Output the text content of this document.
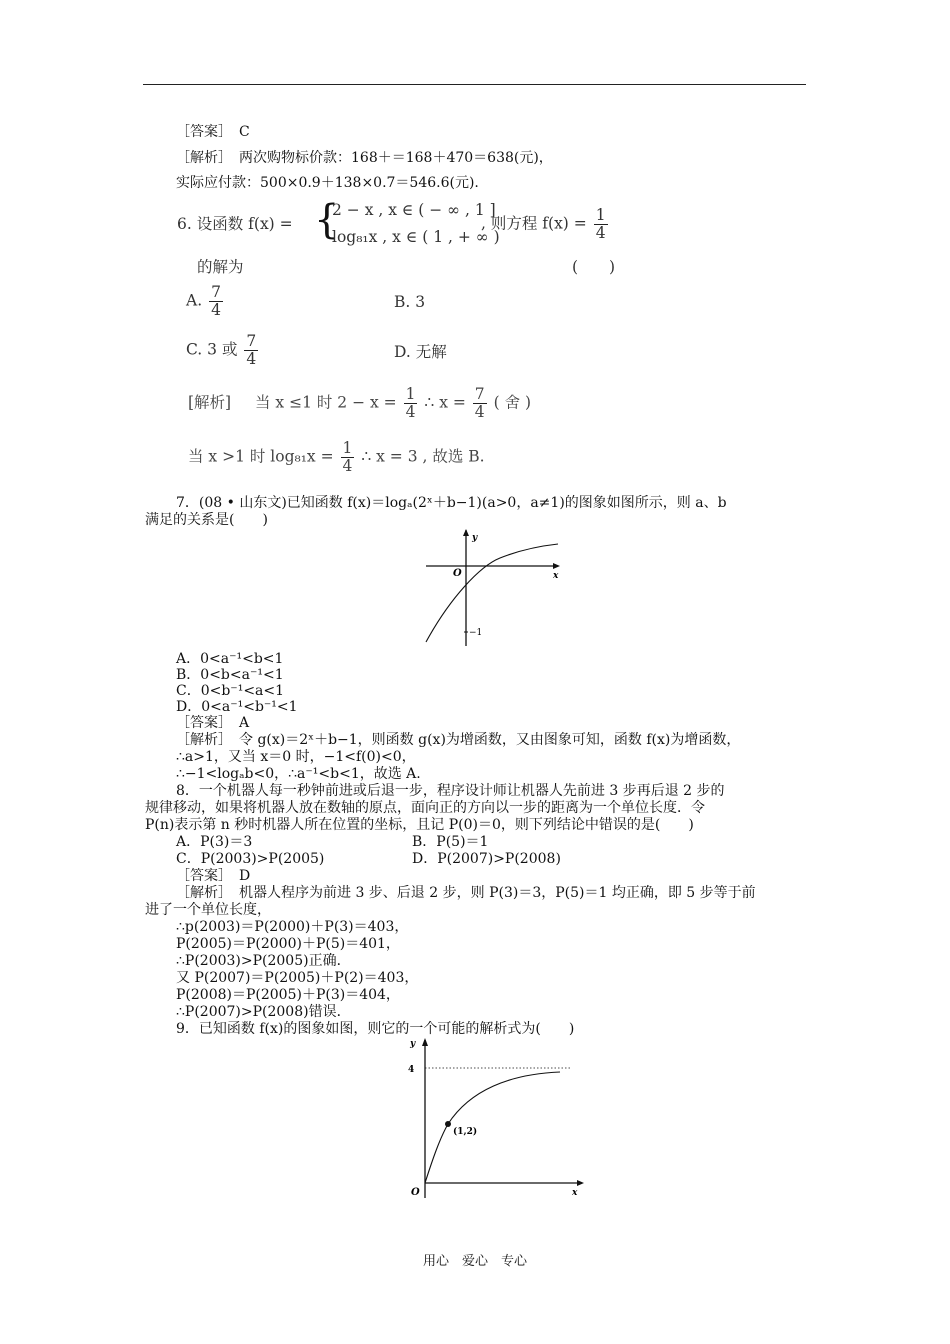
［答案］　C
［解析］　两次购物标价款：168＋＝168＋470＝638(元)，
实际应付款：500×0.9＋138×0.7＝546.6(元).
6. 设函数 f(x) = {
2 − x , x ∈ ( − ∞ , 1 ]
log₈₁x , x ∈ ( 1 , + ∞ )
, 则方程 $f(x) = \frac{1}{4}$
的解为	(　　)
A. $\frac{7}{4}$	B. 3
C. 3 或 $\frac{7}{4}$	D. 无解
[解析] 当 x ≤1 时 $2 - x = \frac{1}{4}$ ∴ $x = \frac{7}{4}$ ( 舍 )
当 x >1 时 $\log_{81}x = \frac{1}{4}$ ∴ x = 3 , 故选 B.
7．(08 • 山东文)已知函数 f(x)＝logₐ(2ˣ＋b−1)(a>0，a≠1)的图象如图所示，则 a、b
满足的关系是(　　)
y
x
O
−1
A．0<a⁻¹<b<1
B．0<b<a⁻¹<1
C．0<b⁻¹<a<1
D．0<a⁻¹<b⁻¹<1
［答案］　A
［解析］　令 g(x)＝2ˣ＋b−1，则函数 g(x)为增函数，又由图象可知，函数 f(x)为增函数，
∴a>1，又当 x＝0 时，−1<f(0)<0，
∴−1<logₐb<0，∴a⁻¹<b<1，故选 A.
8．一个机器人每一秒钟前进或后退一步，程序设计师让机器人先前进 3 步再后退 2 步的
规律移动，如果将机器人放在数轴的原点，面向正的方向以一步的距离为一个单位长度．令
P(n)表示第 n 秒时机器人所在位置的坐标，且记 P(0)＝0，则下列结论中错误的是(　　)
A．P(3)＝3	B．P(5)＝1
C．P(2003)>P(2005)	D．P(2007)>P(2008)
［答案］　D
［解析］　机器人程序为前进 3 步、后退 2 步，则 P(3)＝3，P(5)＝1 均正确，即 5 步等于前
进了一个单位长度，
∴p(2003)＝P(2000)＋P(3)＝403，
P(2005)＝P(2000)＋P(5)＝401，
∴P(2003)>P(2005)正确．
又 P(2007)＝P(2005)＋P(2)＝403，
P(2008)＝P(2005)＋P(3)＝404，
∴P(2007)>P(2008)错误．
9．已知函数 f(x)的图象如图，则它的一个可能的解析式为(　　)
y
4
(1,2)
O	x
用心　爱心　专心
